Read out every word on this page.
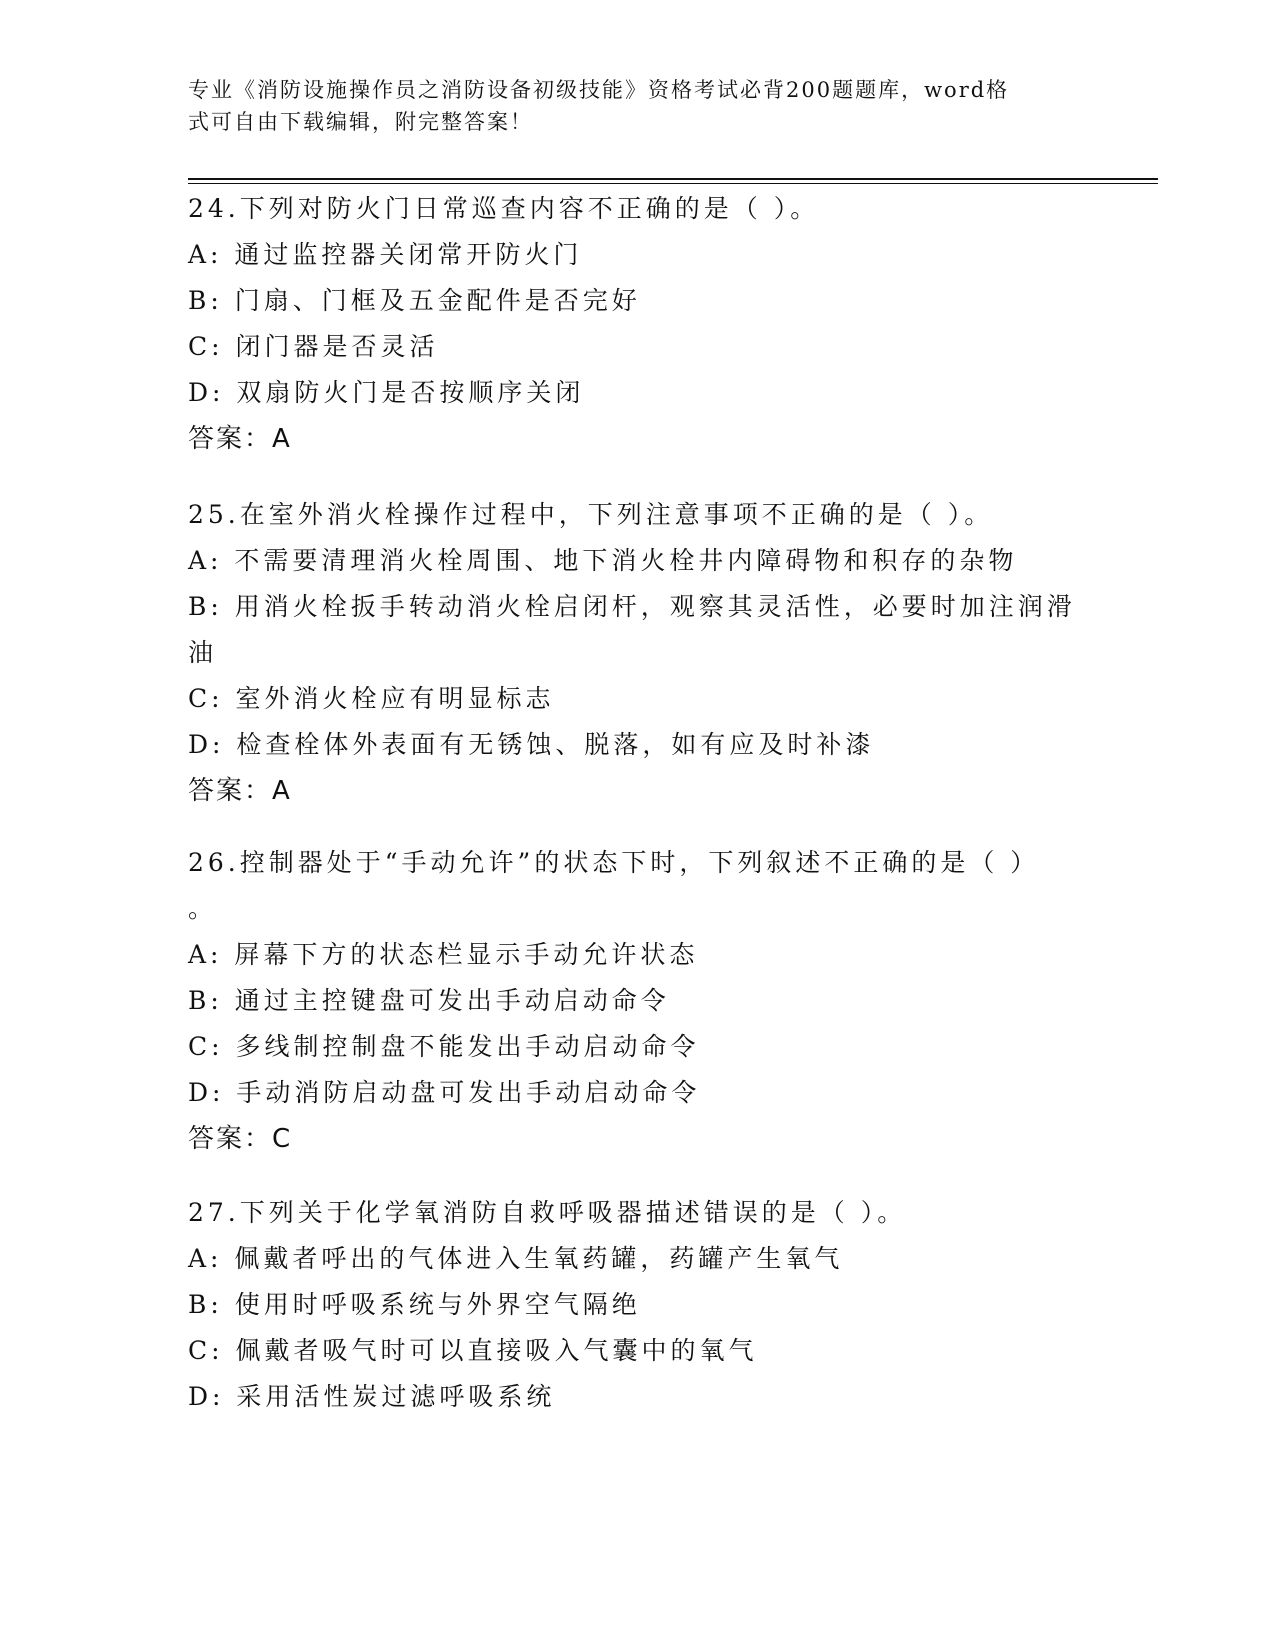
专业《消防设施操作员之消防设备初级技能》资格考试必背200题题库，word格
式可自由下载编辑，附完整答案！
24.下列对防火门日常巡查内容不正确的是（ ）。
A: 通过监控器关闭常开防火门
B: 门扇、门框及五金配件是否完好
C: 闭门器是否灵活
D: 双扇防火门是否按顺序关闭
答案：A
25.在室外消火栓操作过程中，下列注意事项不正确的是（ ）。
A: 不需要清理消火栓周围、地下消火栓井内障碍物和积存的杂物
B: 用消火栓扳手转动消火栓启闭杆，观察其灵活性，必要时加注润滑
油
C: 室外消火栓应有明显标志
D: 检查栓体外表面有无锈蚀、脱落，如有应及时补漆
答案：A
26.控制器处于“手动允许”的状态下时，下列叙述不正确的是（ ）
。
A: 屏幕下方的状态栏显示手动允许状态
B: 通过主控键盘可发出手动启动命令
C: 多线制控制盘不能发出手动启动命令
D: 手动消防启动盘可发出手动启动命令
答案：C
27.下列关于化学氧消防自救呼吸器描述错误的是（ ）。
A: 佩戴者呼出的气体进入生氧药罐，药罐产生氧气
B: 使用时呼吸系统与外界空气隔绝
C: 佩戴者吸气时可以直接吸入气囊中的氧气
D: 采用活性炭过滤呼吸系统
